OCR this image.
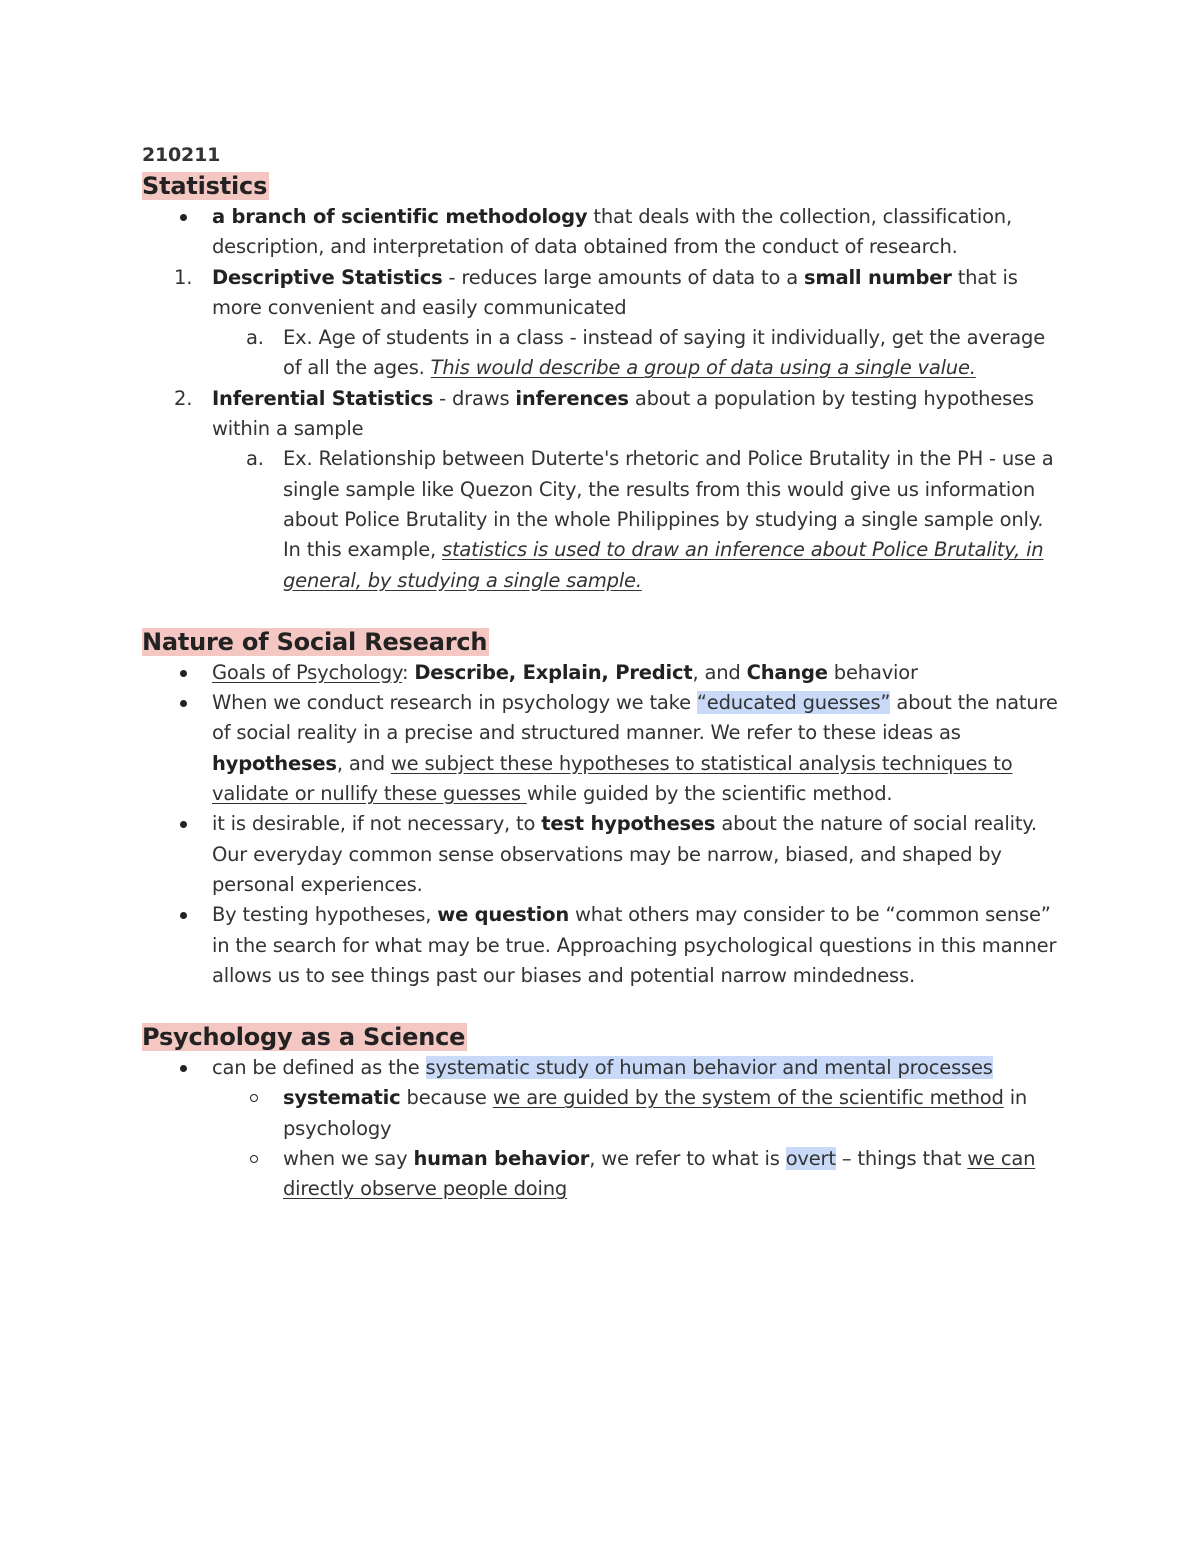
210211
Statistics
a branch of scientific methodology that deals with the collection, classification, description, and interpretation of data obtained from the conduct of research.
1. Descriptive Statistics - reduces large amounts of data to a small number that is more convenient and easily communicated
a. Ex. Age of students in a class - instead of saying it individually, get the average of all the ages. This would describe a group of data using a single value.
2. Inferential Statistics - draws inferences about a population by testing hypotheses within a sample
a. Ex. Relationship between Duterte's rhetoric and Police Brutality in the PH - use a single sample like Quezon City, the results from this would give us information about Police Brutality in the whole Philippines by studying a single sample only. In this example, statistics is used to draw an inference about Police Brutality, in general, by studying a single sample.
Nature of Social Research
Goals of Psychology: Describe, Explain, Predict, and Change behavior
When we conduct research in psychology we take “educated guesses” about the nature of social reality in a precise and structured manner. We refer to these ideas as hypotheses, and we subject these hypotheses to statistical analysis techniques to validate or nullify these guesses while guided by the scientific method.
it is desirable, if not necessary, to test hypotheses about the nature of social reality. Our everyday common sense observations may be narrow, biased, and shaped by personal experiences.
By testing hypotheses, we question what others may consider to be “common sense” in the search for what may be true. Approaching psychological questions in this manner allows us to see things past our biases and potential narrow mindedness.
Psychology as a Science
can be defined as the systematic study of human behavior and mental processes
systematic because we are guided by the system of the scientific method in psychology
when we say human behavior, we refer to what is overt – things that we can directly observe people doing
